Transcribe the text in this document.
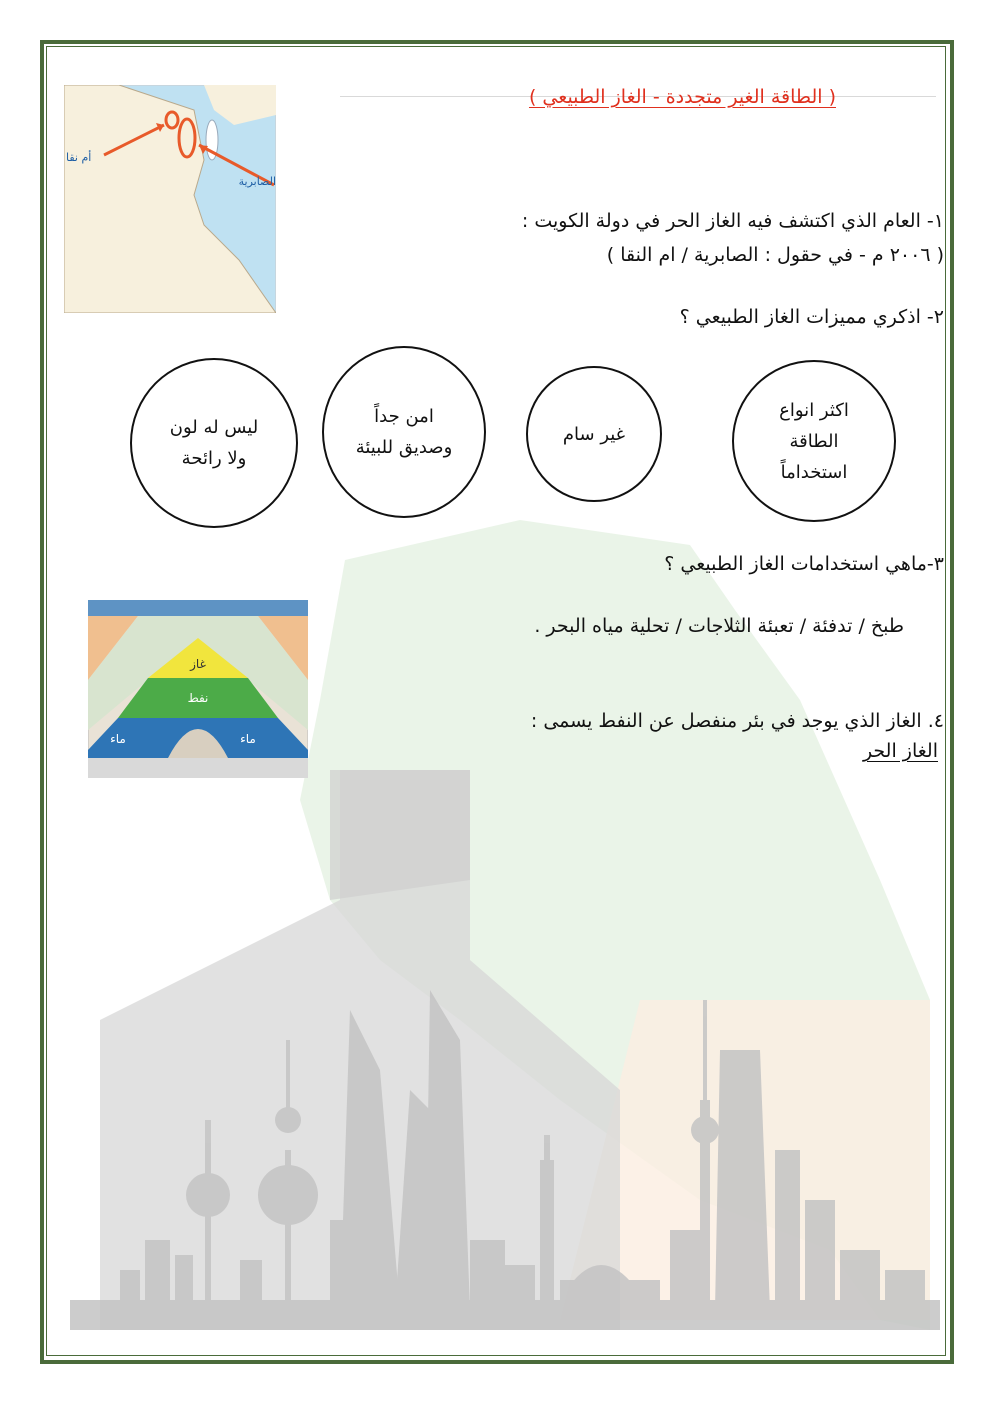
أم نقا
الصابرية
( الطاقة الغير متجددة - الغاز الطبيعي )
١- العام الذي اكتشف فيه الغاز الحر في دولة الكويت :
( ٢٠٠٦ م - في حقول : الصابرية / ام النقا )
٢- اذكري مميزات الغاز الطبيعي ؟
اكثر انواع الطاقة استخداماً
غير سام
امن جداً وصديق للبيئة
ليس له لون ولا رائحة
٣-ماهي استخدامات الغاز الطبيعي ؟
غاز
نفط
ماء	ماء
طبخ / تدفئة / تعبئة الثلاجات / تحلية مياه البحر .
٤. الغاز الذي يوجد في بئر منفصل عن النفط يسمى :
الغاز الحر
